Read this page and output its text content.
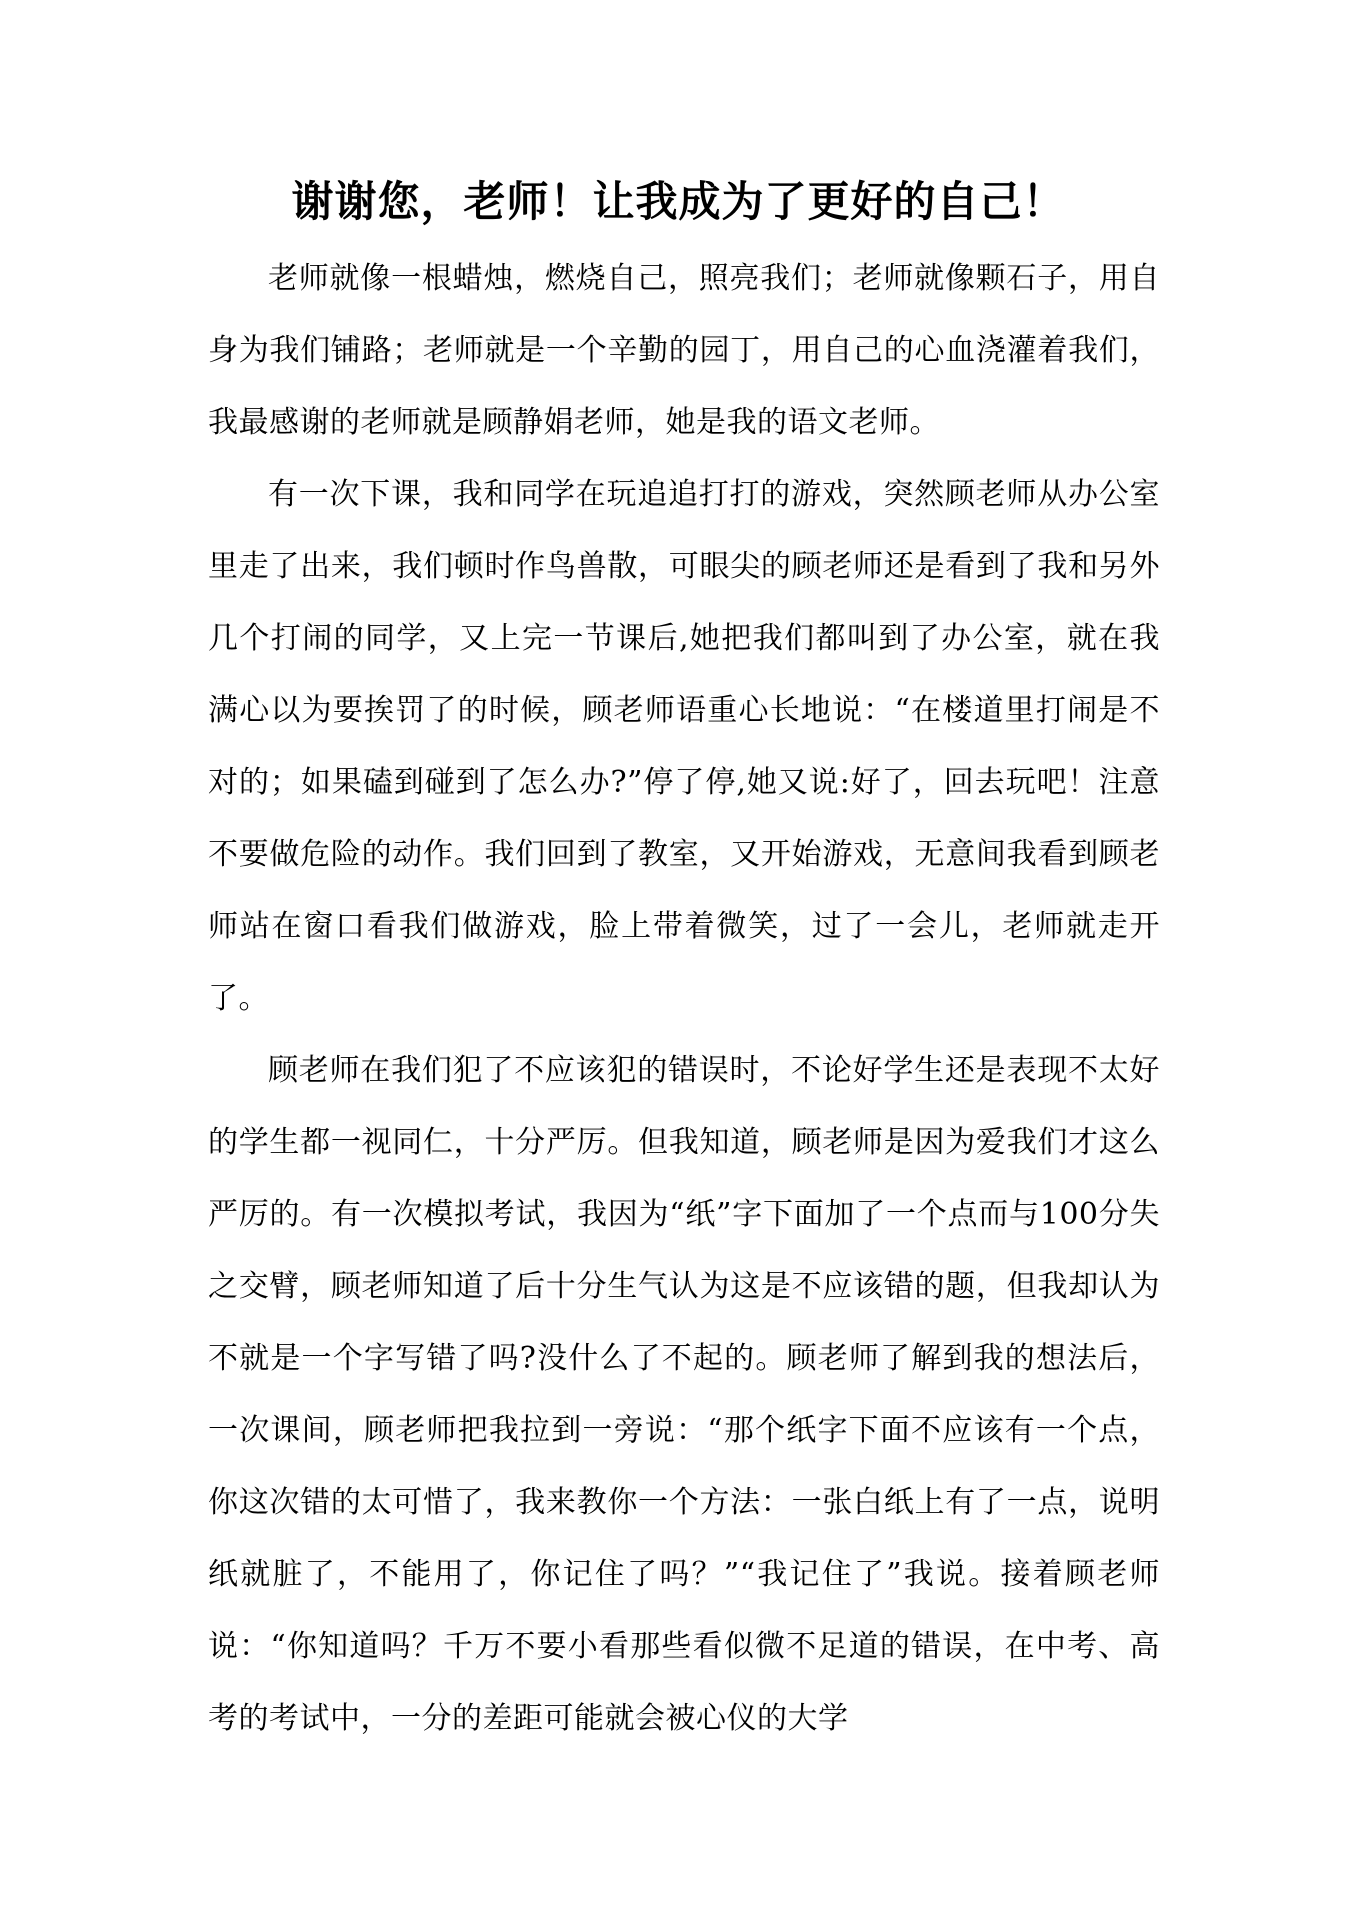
谢谢您，老师！让我成为了更好的自己！

老师就像一根蜡烛，燃烧自己，照亮我们；老师就像颗石子，用自身为我们铺路；老师就是一个辛勤的园丁，用自己的心血浇灌着我们，我最感谢的老师就是顾静娟老师，她是我的语文老师。

有一次下课，我和同学在玩追追打打的游戏，突然顾老师从办公室里走了出来，我们顿时作鸟兽散，可眼尖的顾老师还是看到了我和另外几个打闹的同学，又上完一节课后,她把我们都叫到了办公室，就在我满心以为要挨罚了的时候，顾老师语重心长地说：“在楼道里打闹是不对的；如果磕到碰到了怎么办?”停了停,她又说:好了，回去玩吧！注意不要做危险的动作。我们回到了教室，又开始游戏，无意间我看到顾老师站在窗口看我们做游戏，脸上带着微笑，过了一会儿，老师就走开了。

顾老师在我们犯了不应该犯的错误时，不论好学生还是表现不太好的学生都一视同仁，十分严厉。但我知道，顾老师是因为爱我们才这么严厉的。有一次模拟考试，我因为“纸”字下面加了一个点而与100分失之交臂，顾老师知道了后十分生气认为这是不应该错的题，但我却认为不就是一个字写错了吗?没什么了不起的。顾老师了解到我的想法后，一次课间，顾老师把我拉到一旁说：“那个纸字下面不应该有一个点，你这次错的太可惜了，我来教你一个方法：一张白纸上有了一点，说明纸就脏了，不能用了，你记住了吗？”“我记住了”我说。接着顾老师说：“你知道吗？千万不要小看那些看似微不足道的错误，在中考、高考的考试中，一分的差距可能就会被心仪的大学
